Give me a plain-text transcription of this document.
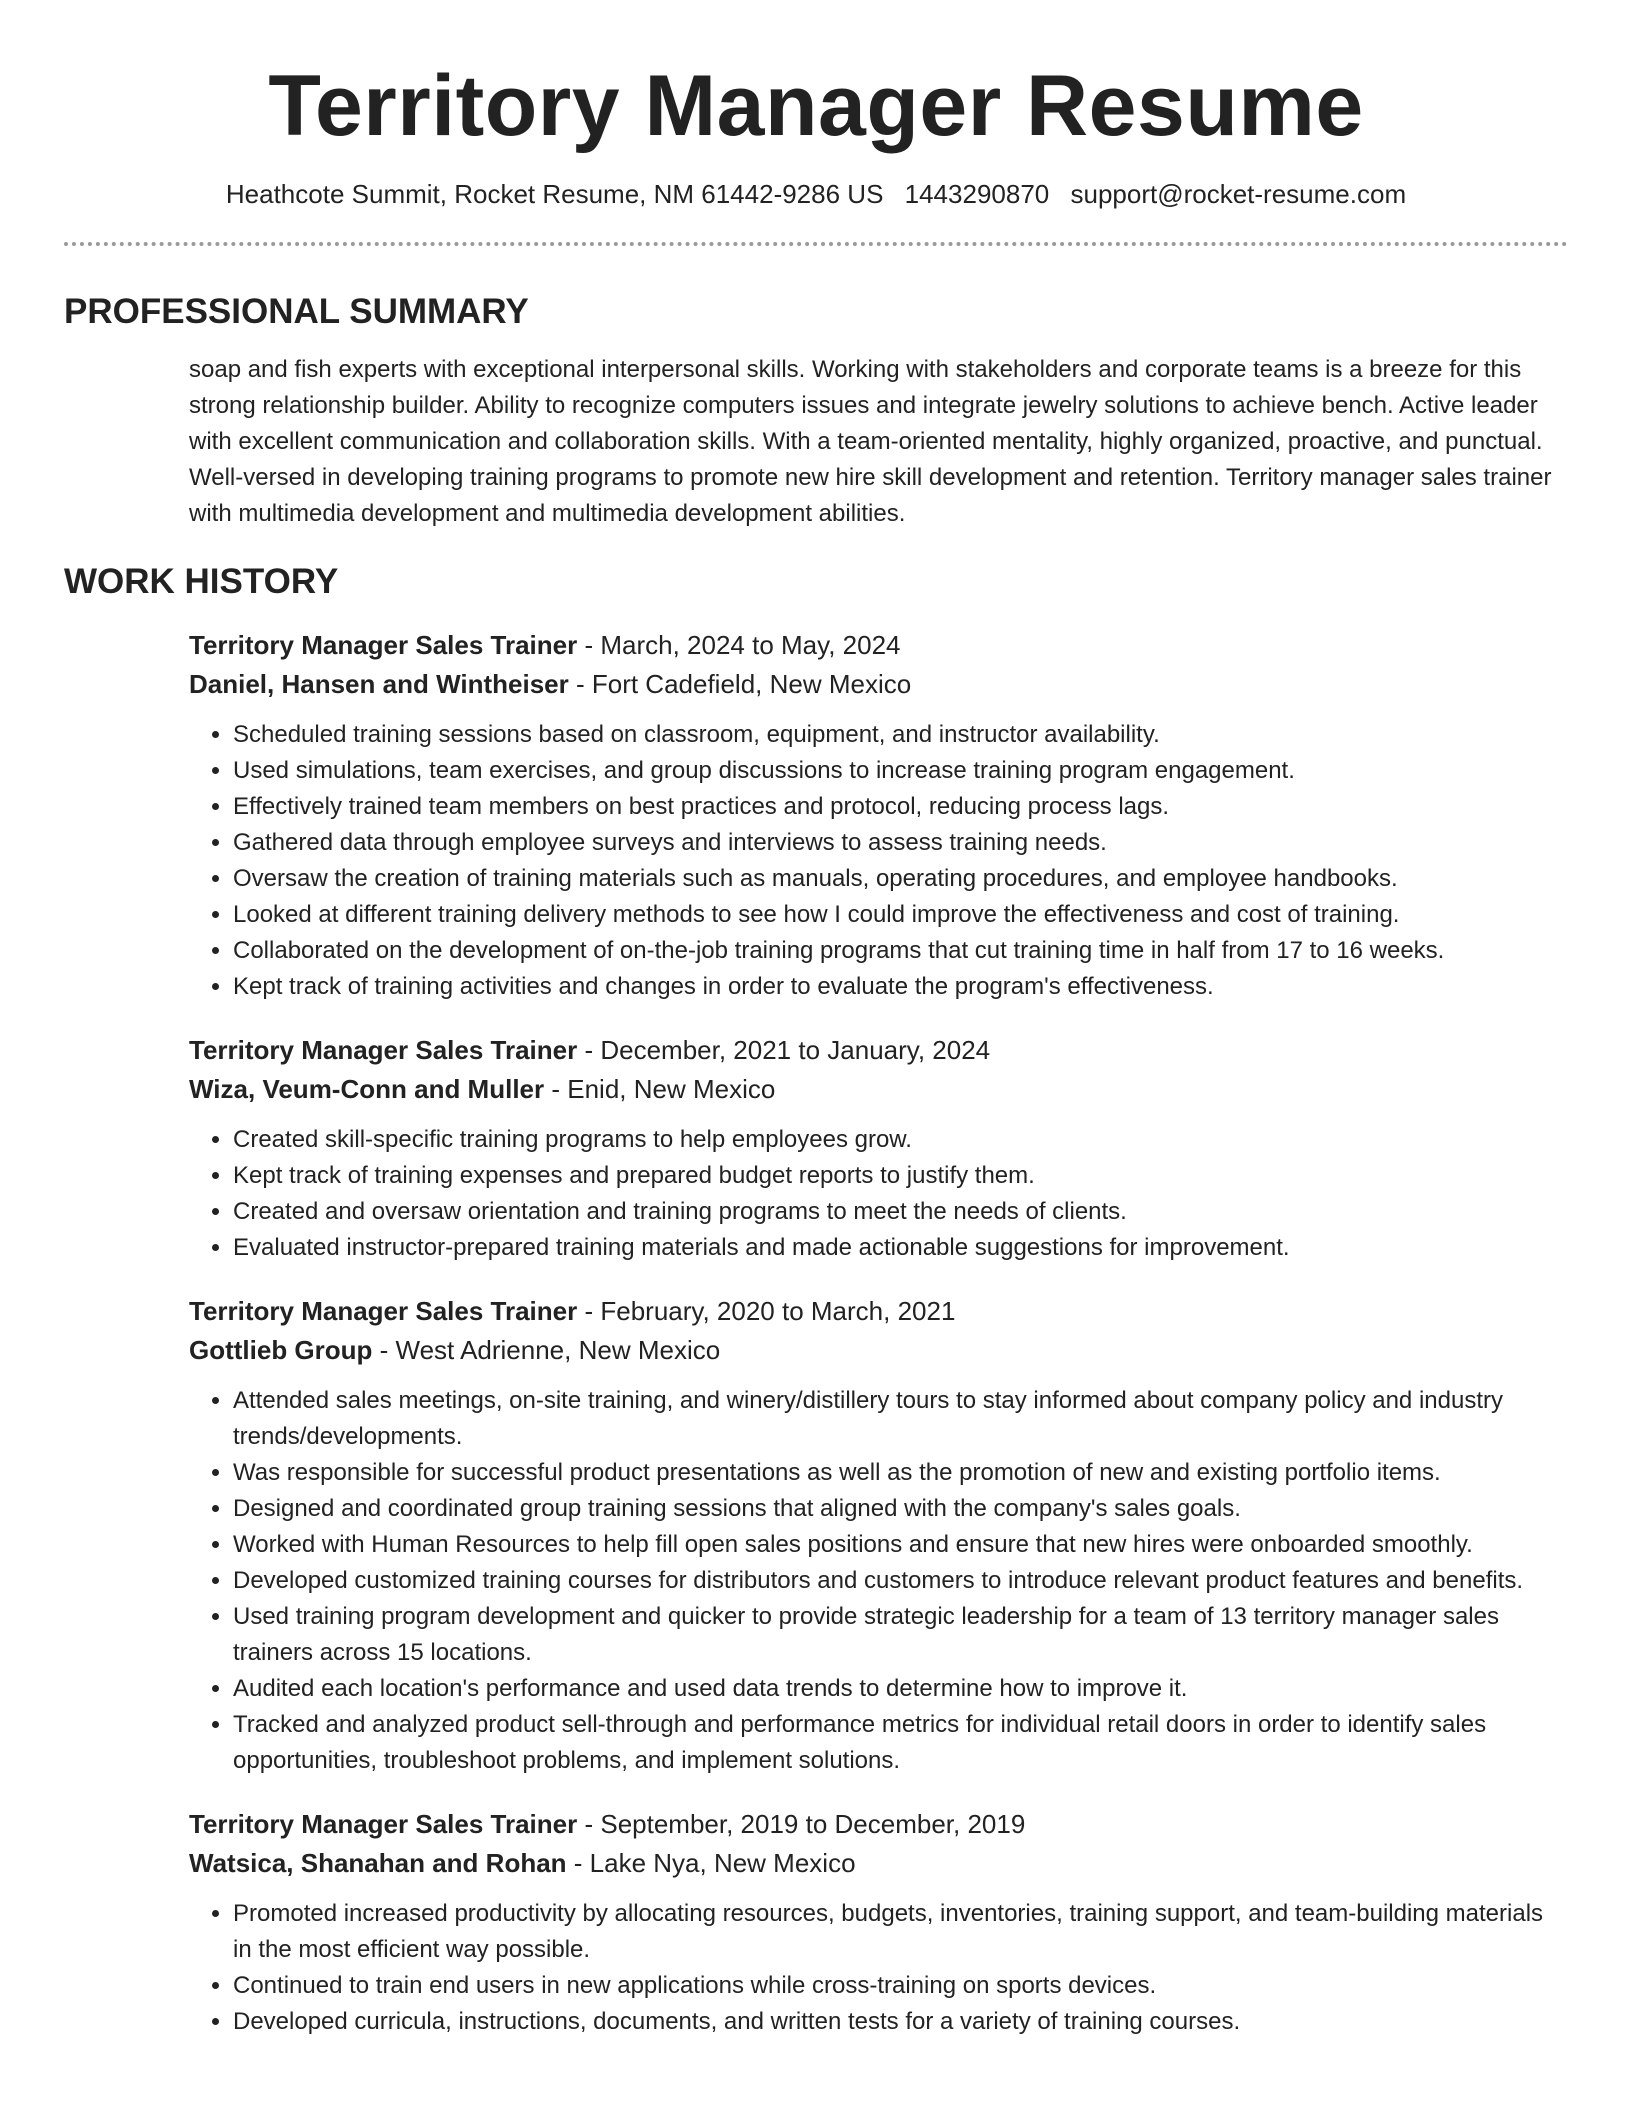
Territory Manager Resume
Heathcote Summit, Rocket Resume, NM 61442-9286 US 1443290870 support@rocket-resume.com
PROFESSIONAL SUMMARY

soap and fish experts with exceptional interpersonal skills. Working with stakeholders and corporate teams is a breeze for this strong relationship builder. Ability to recognize computers issues and integrate jewelry solutions to achieve bench. Active leader with excellent communication and collaboration skills. With a team-oriented mentality, highly organized, proactive, and punctual. Well-versed in developing training programs to promote new hire skill development and retention. Territory manager sales trainer with multimedia development and multimedia development abilities.

WORK HISTORY
Territory Manager Sales Trainer - March, 2024 to May, 2024
Daniel, Hansen and Wintheiser - Fort Cadefield, New Mexico
• Scheduled training sessions based on classroom, equipment, and instructor availability.
• Used simulations, team exercises, and group discussions to increase training program engagement.
• Effectively trained team members on best practices and protocol, reducing process lags.
• Gathered data through employee surveys and interviews to assess training needs.
• Oversaw the creation of training materials such as manuals, operating procedures, and employee handbooks.
• Looked at different training delivery methods to see how I could improve the effectiveness and cost of training.
• Collaborated on the development of on-the-job training programs that cut training time in half from 17 to 16 weeks.
• Kept track of training activities and changes in order to evaluate the program's effectiveness.
Territory Manager Sales Trainer - December, 2021 to January, 2024
Wiza, Veum-Conn and Muller - Enid, New Mexico
• Created skill-specific training programs to help employees grow.
• Kept track of training expenses and prepared budget reports to justify them.
• Created and oversaw orientation and training programs to meet the needs of clients.
• Evaluated instructor-prepared training materials and made actionable suggestions for improvement.
Territory Manager Sales Trainer - February, 2020 to March, 2021
Gottlieb Group - West Adrienne, New Mexico
• Attended sales meetings, on-site training, and winery/distillery tours to stay informed about company policy and industry trends/developments.
• Was responsible for successful product presentations as well as the promotion of new and existing portfolio items.
• Designed and coordinated group training sessions that aligned with the company's sales goals.
• Worked with Human Resources to help fill open sales positions and ensure that new hires were onboarded smoothly.
• Developed customized training courses for distributors and customers to introduce relevant product features and benefits.
• Used training program development and quicker to provide strategic leadership for a team of 13 territory manager sales trainers across 15 locations.
• Audited each location's performance and used data trends to determine how to improve it.
• Tracked and analyzed product sell-through and performance metrics for individual retail doors in order to identify sales opportunities, troubleshoot problems, and implement solutions.
Territory Manager Sales Trainer - September, 2019 to December, 2019
Watsica, Shanahan and Rohan - Lake Nya, New Mexico
• Promoted increased productivity by allocating resources, budgets, inventories, training support, and team-building materials in the most efficient way possible.
• Continued to train end users in new applications while cross-training on sports devices.
• Developed curricula, instructions, documents, and written tests for a variety of training courses.
